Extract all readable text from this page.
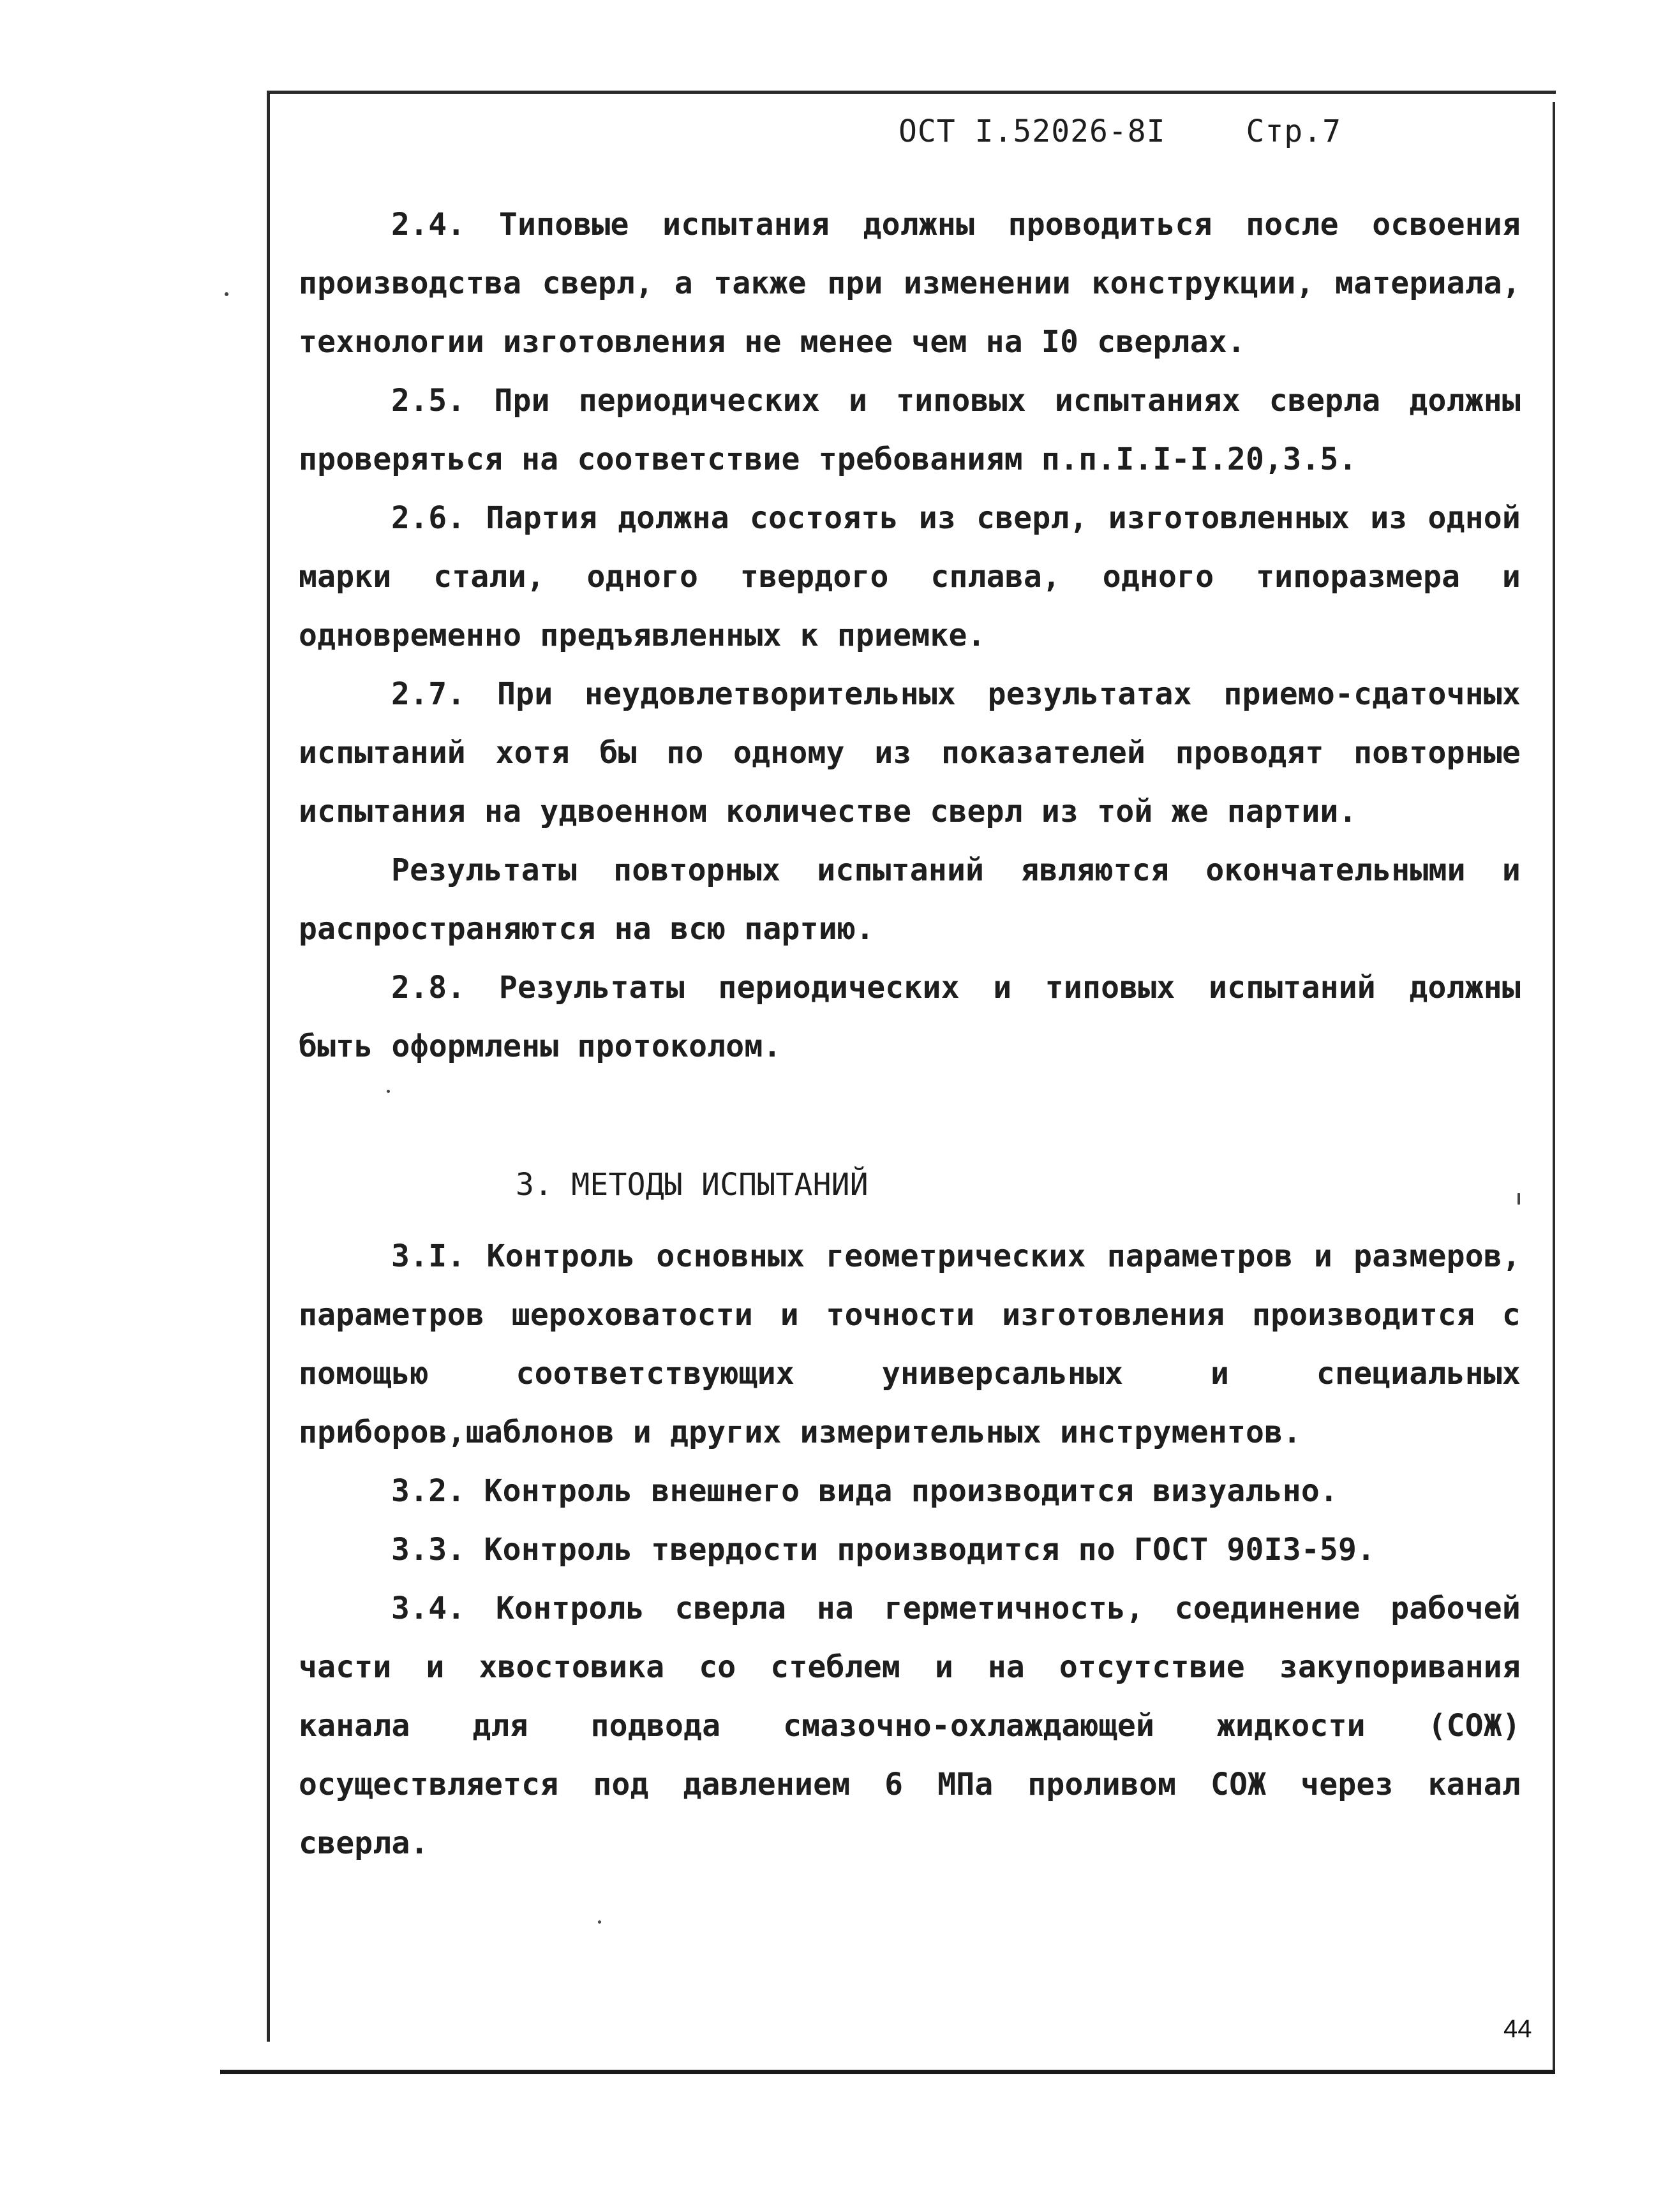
ОСТ I.52026-8I	Стр.7

2.4. Типовые испытания должны проводиться после освоения производства сверл, а также при изменении конструкции, материала, технологии изготовления не менее чем на I0 сверлах.

2.5. При периодических и типовых испытаниях сверла должны проверяться на соответствие требованиям п.п.I.I-I.20,3.5.

2.6. Партия должна состоять из сверл, изготовленных из одной марки стали, одного твердого сплава, одного типоразмера и одновременно предъявленных к приемке.

2.7. При неудовлетворительных результатах приемо-сдаточных испытаний хотя бы по одному из показателей проводят повторные испытания на удвоенном количестве сверл из той же партии.

Результаты повторных испытаний являются окончательными и распространяются на всю партию.

2.8. Результаты периодических и типовых испытаний должны быть оформлены протоколом.

3. МЕТОДЫ ИСПЫТАНИЙ

3.I. Контроль основных геометрических параметров и размеров, параметров шероховатости и точности изготовления производится с помощью соответствующих универсальных и специальных приборов,шаблонов и других измерительных инструментов.

3.2. Контроль внешнего вида производится визуально.

3.3. Контроль твердости производится по ГОСТ 90I3-59.

3.4. Контроль сверла на герметичность, соединение рабочей части и хвостовика со стеблем и на отсутствие закупоривания канала для подвода смазочно-охлаждающей жидкости (СОЖ) осуществляется под давлением 6 МПа проливом СОЖ через канал сверла.

44
